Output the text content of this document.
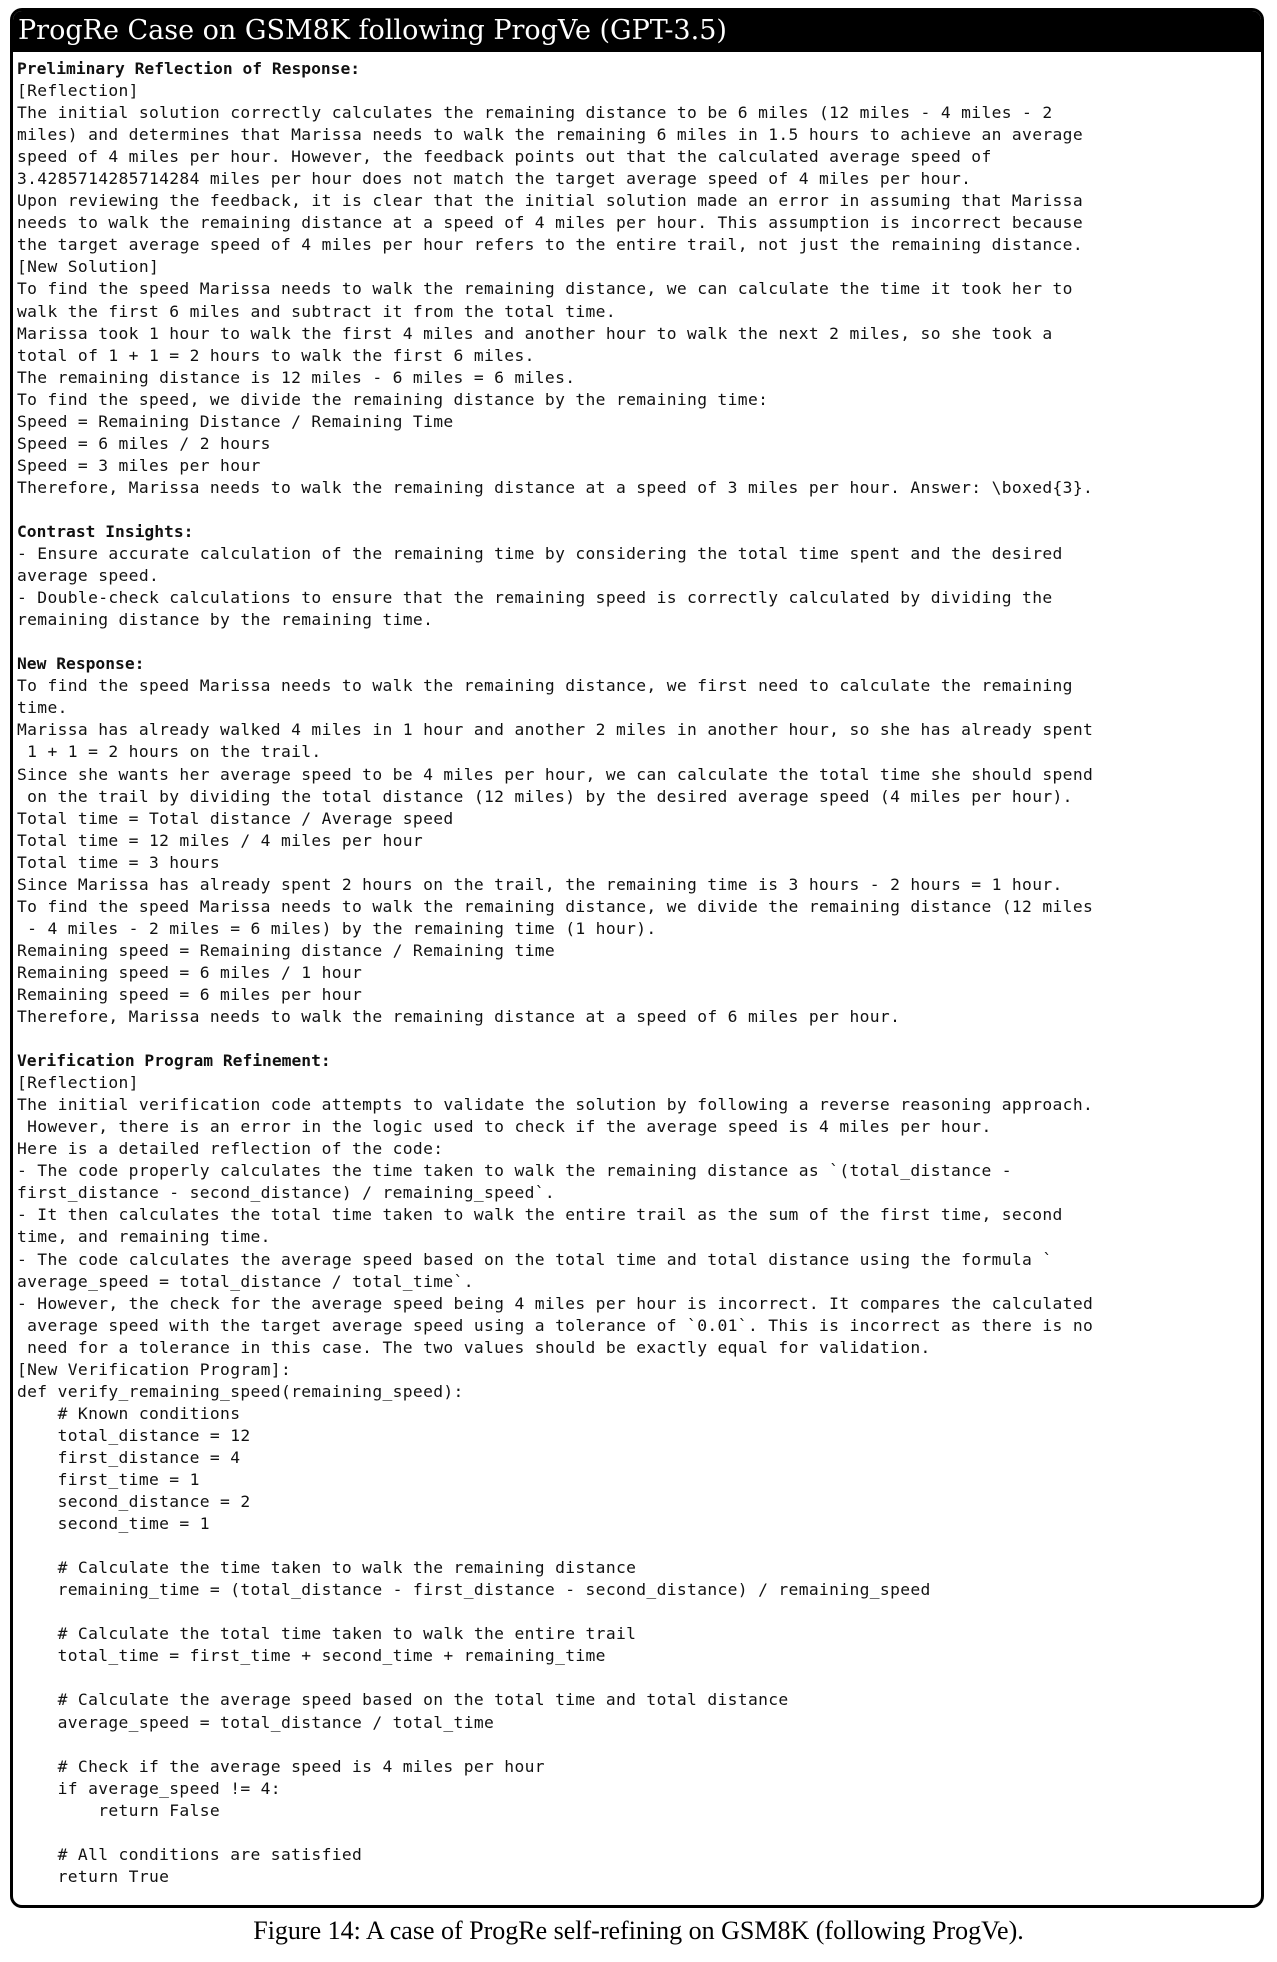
ProgRe Case on GSM8K following ProgVe (GPT-3.5)
Preliminary Reflection of Response:
[Reflection]
The initial solution correctly calculates the remaining distance to be 6 miles (12 miles - 4 miles - 2
miles) and determines that Marissa needs to walk the remaining 6 miles in 1.5 hours to achieve an average
speed of 4 miles per hour. However, the feedback points out that the calculated average speed of
3.4285714285714284 miles per hour does not match the target average speed of 4 miles per hour.
Upon reviewing the feedback, it is clear that the initial solution made an error in assuming that Marissa
needs to walk the remaining distance at a speed of 4 miles per hour. This assumption is incorrect because
the target average speed of 4 miles per hour refers to the entire trail, not just the remaining distance.
[New Solution]
To find the speed Marissa needs to walk the remaining distance, we can calculate the time it took her to
walk the first 6 miles and subtract it from the total time.
Marissa took 1 hour to walk the first 4 miles and another hour to walk the next 2 miles, so she took a
total of 1 + 1 = 2 hours to walk the first 6 miles.
The remaining distance is 12 miles - 6 miles = 6 miles.
To find the speed, we divide the remaining distance by the remaining time:
Speed = Remaining Distance / Remaining Time
Speed = 6 miles / 2 hours
Speed = 3 miles per hour
Therefore, Marissa needs to walk the remaining distance at a speed of 3 miles per hour. Answer: \boxed{3}.
Contrast Insights:
- Ensure accurate calculation of the remaining time by considering the total time spent and the desired
average speed.
- Double-check calculations to ensure that the remaining speed is correctly calculated by dividing the
remaining distance by the remaining time.
New Response:
To find the speed Marissa needs to walk the remaining distance, we first need to calculate the remaining
time.
Marissa has already walked 4 miles in 1 hour and another 2 miles in another hour, so she has already spent
1 + 1 = 2 hours on the trail.
Since she wants her average speed to be 4 miles per hour, we can calculate the total time she should spend
on the trail by dividing the total distance (12 miles) by the desired average speed (4 miles per hour).
Total time = Total distance / Average speed
Total time = 12 miles / 4 miles per hour
Total time = 3 hours
Since Marissa has already spent 2 hours on the trail, the remaining time is 3 hours - 2 hours = 1 hour.
To find the speed Marissa needs to walk the remaining distance, we divide the remaining distance (12 miles
- 4 miles - 2 miles = 6 miles) by the remaining time (1 hour).
Remaining speed = Remaining distance / Remaining time
Remaining speed = 6 miles / 1 hour
Remaining speed = 6 miles per hour
Therefore, Marissa needs to walk the remaining distance at a speed of 6 miles per hour.
Verification Program Refinement:
[Reflection]
The initial verification code attempts to validate the solution by following a reverse reasoning approach.
However, there is an error in the logic used to check if the average speed is 4 miles per hour.
Here is a detailed reflection of the code:
- The code properly calculates the time taken to walk the remaining distance as `(total_distance -
first_distance - second_distance) / remaining_speed`.
- It then calculates the total time taken to walk the entire trail as the sum of the first time, second
time, and remaining time.
- The code calculates the average speed based on the total time and total distance using the formula `
average_speed = total_distance / total_time`.
- However, the check for the average speed being 4 miles per hour is incorrect. It compares the calculated
average speed with the target average speed using a tolerance of `0.01`. This is incorrect as there is no
need for a tolerance in this case. The two values should be exactly equal for validation.
[New Verification Program]:
def verify_remaining_speed(remaining_speed):
# Known conditions
total_distance = 12
first_distance = 4
first_time = 1
second_distance = 2
second_time = 1
# Calculate the time taken to walk the remaining distance
remaining_time = (total_distance - first_distance - second_distance) / remaining_speed
# Calculate the total time taken to walk the entire trail
total_time = first_time + second_time + remaining_time
# Calculate the average speed based on the total time and total distance
average_speed = total_distance / total_time
# Check if the average speed is 4 miles per hour
if average_speed != 4:
return False
# All conditions are satisfied
return True
Figure 14: A case of ProgRe self-refining on GSM8K (following ProgVe).
